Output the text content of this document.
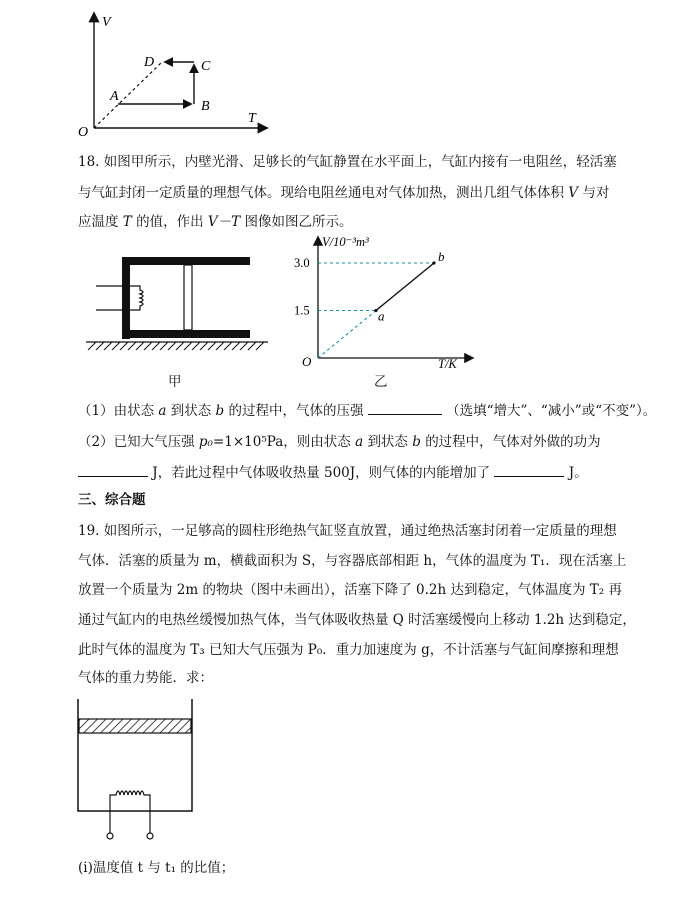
V
T
O
A
B
C
D
18. 如图甲所示，内壁光滑、足够长的气缸静置在水平面上，气缸内接有一电阻丝，轻活塞
与气缸封闭一定质量的理想气体。现给电阻丝通电对气体加热，测出几组气体体积 V 与对
应温度 T 的值，作出 V－T 图像如图乙所示。
甲
V/10⁻³m³
T/K
O
1.5
3.0
a
b
乙
（1）由状态 a 到状态 b 的过程中，气体的压强	（选填“增大”、“减小”或“不变”）。
（2）已知大气压强 p₀=1×10⁵Pa，则由状态 a 到状态 b 的过程中，气体对外做的功为
J，若此过程中气体吸收热量 500J，则气体的内能增加了	J。
三、综合题
19. 如图所示，一足够高的圆柱形绝热气缸竖直放置，通过绝热活塞封闭着一定质量的理想
气体．活塞的质量为 m，横截面积为 S，与容器底部相距 h，气体的温度为 T₁．现在活塞上
放置一个质量为 2m 的物块（图中未画出），活塞下降了 0.2h 达到稳定，气体温度为 T₂ 再
通过气缸内的电热丝缓慢加热气体，当气体吸收热量 Q 时活塞缓慢向上移动 1.2h 达到稳定，
此时气体的温度为 T₃ 已知大气压强为 P₀．重力加速度为 g，不计活塞与气缸间摩擦和理想
气体的重力势能．求：
(i)温度值 t 与 t₁ 的比值；
